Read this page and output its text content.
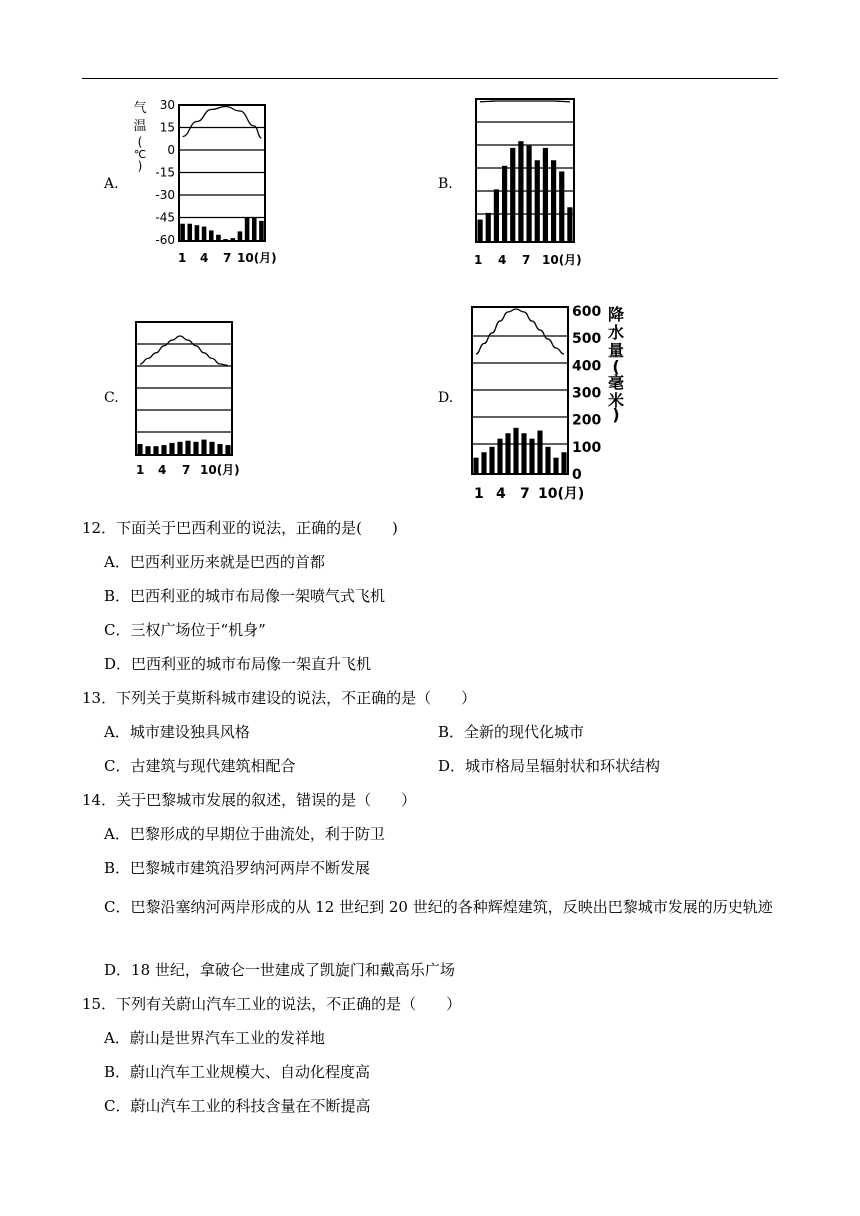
A.	B.
C.	D.
气
温
(
℃
)
30
15
0
-15
-30
-45
-60
1 4 7 10(月)	1 4 7 10(月)
1 4 7 10(月)
600
500
400
300
200
100
0
1 4 7 10(月)
降
水
量
(
毫
米
)
12．下面关于巴西利亚的说法，正确的是(　　)
A．巴西利亚历来就是巴西的首都
B．巴西利亚的城市布局像一架喷气式飞机
C．三权广场位于“机身”
D．巴西利亚的城市布局像一架直升飞机
13．下列关于莫斯科城市建设的说法，不正确的是（　　）
A．城市建设独具风格	B．全新的现代化城市
C．古建筑与现代建筑相配合	D．城市格局呈辐射状和环状结构
14．关于巴黎城市发展的叙述，错误的是（　　）
A．巴黎形成的早期位于曲流处，利于防卫
B．巴黎城市建筑沿罗纳河两岸不断发展
C．巴黎沿塞纳河两岸形成的从 12 世纪到 20 世纪的各种辉煌建筑，反映出巴黎城市发展的历史轨迹
D．18 世纪，拿破仑一世建成了凯旋门和戴高乐广场
15．下列有关蔚山汽车工业的说法，不正确的是（　　）
A．蔚山是世界汽车工业的发祥地
B．蔚山汽车工业规模大、自动化程度高
C．蔚山汽车工业的科技含量在不断提高
